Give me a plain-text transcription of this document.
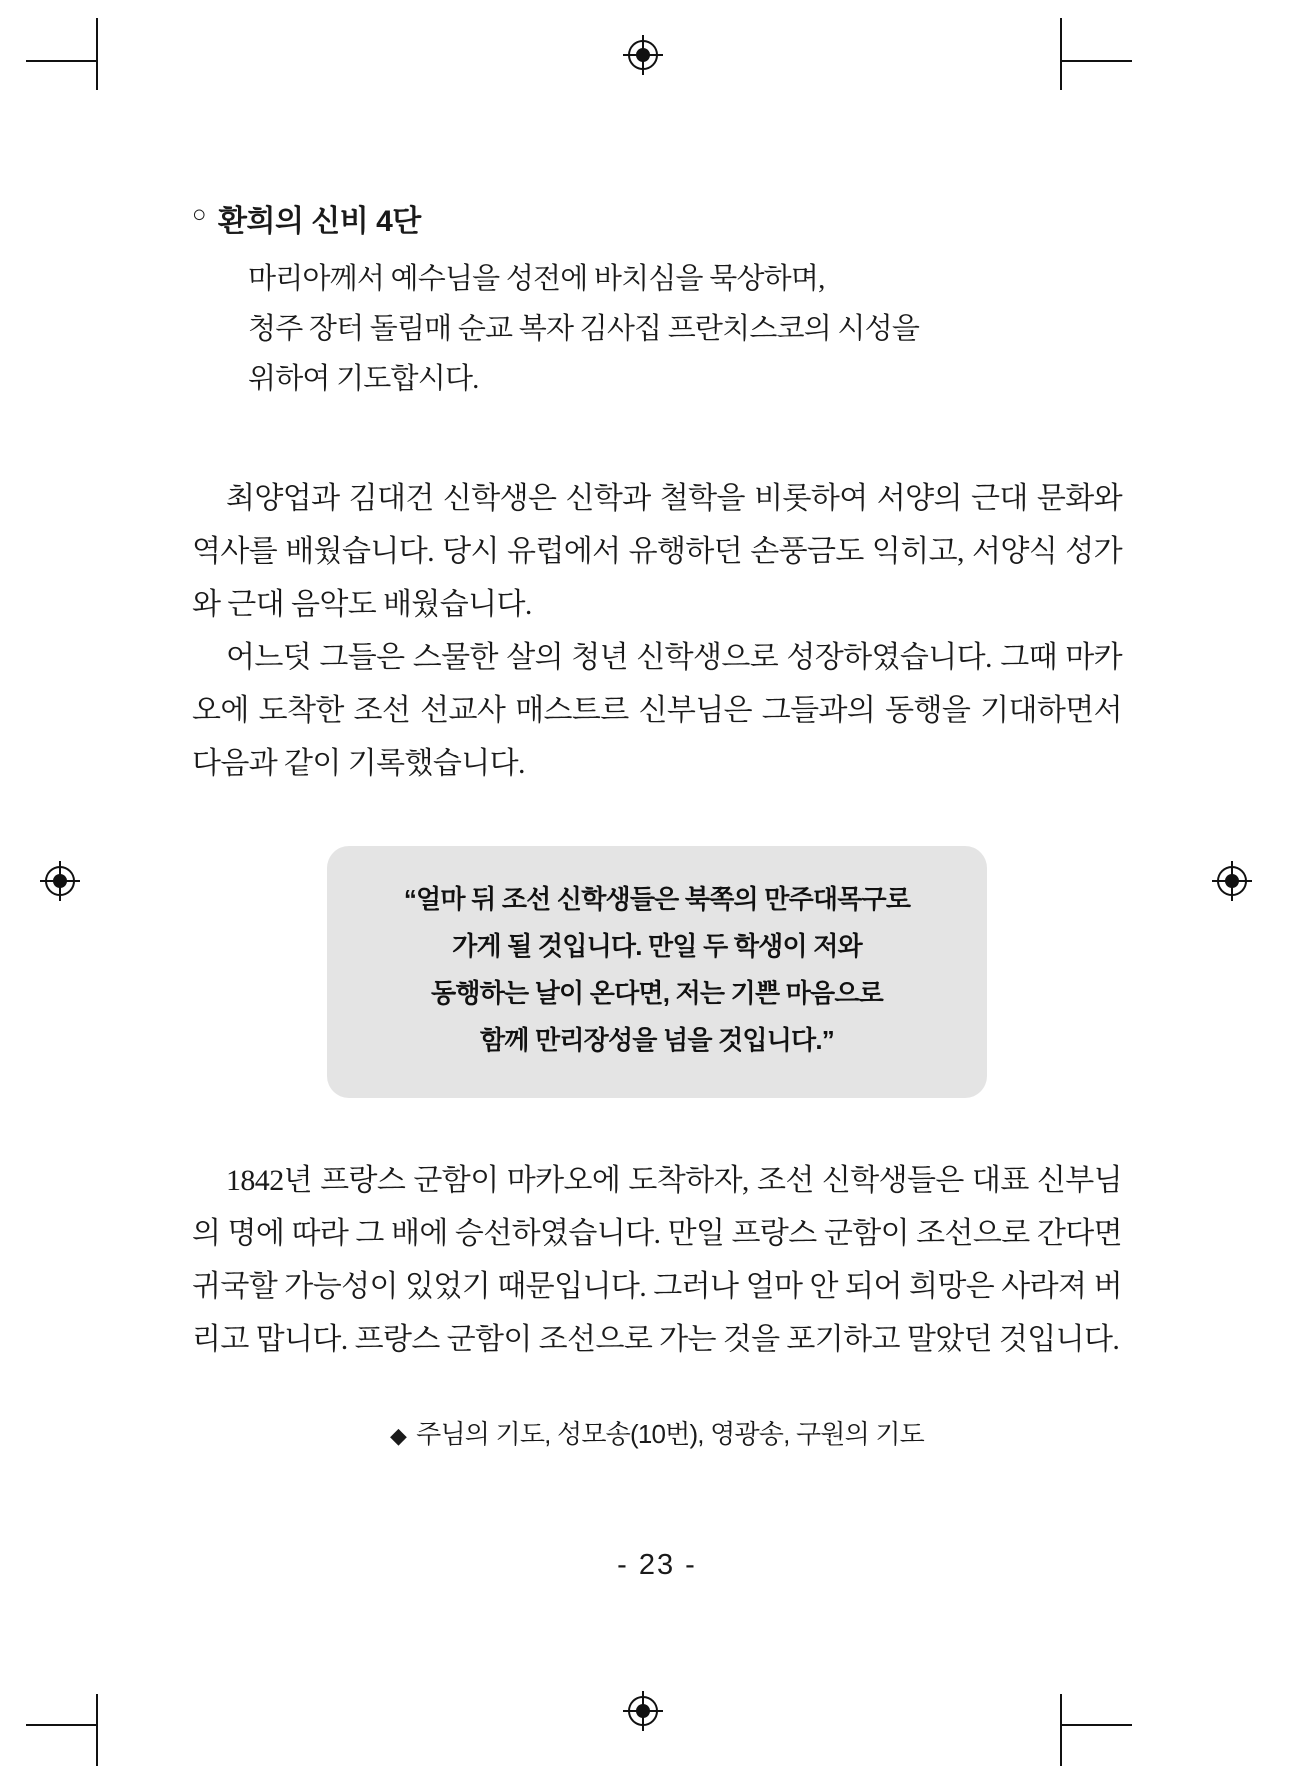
○ 환희의 신비 4단
마리아께서 예수님을 성전에 바치심을 묵상하며,
청주 장터 돌림매 순교 복자 김사집 프란치스코의 시성을
위하여 기도합시다.

최양업과 김대건 신학생은 신학과 철학을 비롯하여 서양의 근대 문화와 역사를 배웠습니다. 당시 유럽에서 유행하던 손풍금도 익히고, 서양식 성가와 근대 음악도 배웠습니다.

어느덧 그들은 스물한 살의 청년 신학생으로 성장하였습니다. 그때 마카오에 도착한 조선 선교사 매스트르 신부님은 그들과의 동행을 기대하면서 다음과 같이 기록했습니다.

“얼마 뒤 조선 신학생들은 북쪽의 만주대목구로
가게 될 것입니다. 만일 두 학생이 저와
동행하는 날이 온다면, 저는 기쁜 마음으로
함께 만리장성을 넘을 것입니다.”

1842년 프랑스 군함이 마카오에 도착하자, 조선 신학생들은 대표 신부님의 명에 따라 그 배에 승선하였습니다. 만일 프랑스 군함이 조선으로 간다면 귀국할 가능성이 있었기 때문입니다. 그러나 얼마 안 되어 희망은 사라져 버리고 맙니다. 프랑스 군함이 조선으로 가는 것을 포기하고 말았던 것입니다.

◆ 주님의 기도, 성모송(10번), 영광송, 구원의 기도
- 23 -
